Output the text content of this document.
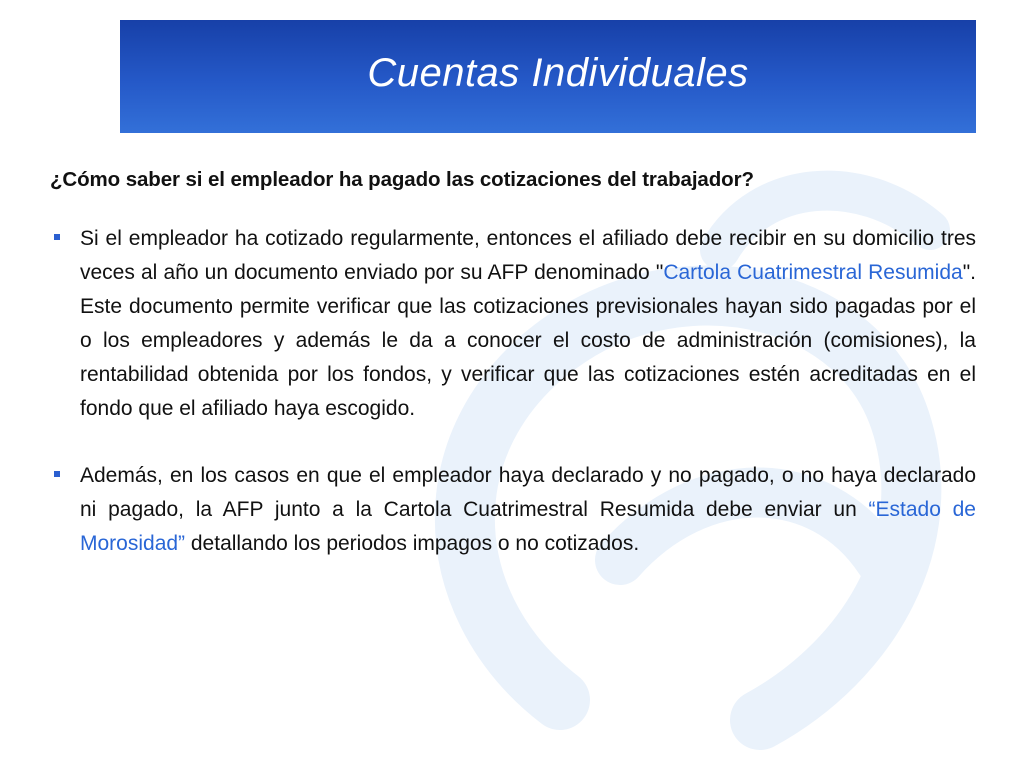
Cuentas Individuales
¿Cómo saber si el empleador ha pagado las cotizaciones del trabajador?
Si el empleador ha cotizado regularmente, entonces el afiliado debe recibir en su domicilio tres veces al año un documento enviado por su AFP denominado "Cartola Cuatrimestral Resumida". Este documento permite verificar que las cotizaciones previsionales hayan sido pagadas por el o los empleadores y además le da a conocer el costo de administración (comisiones), la rentabilidad obtenida por los fondos, y verificar que las cotizaciones estén acreditadas en el fondo que el afiliado haya escogido.
Además, en los casos en que el empleador haya declarado y no pagado, o no haya declarado ni pagado, la AFP junto a la Cartola Cuatrimestral Resumida debe enviar un “Estado de Morosidad” detallando los periodos impagos o no cotizados.
